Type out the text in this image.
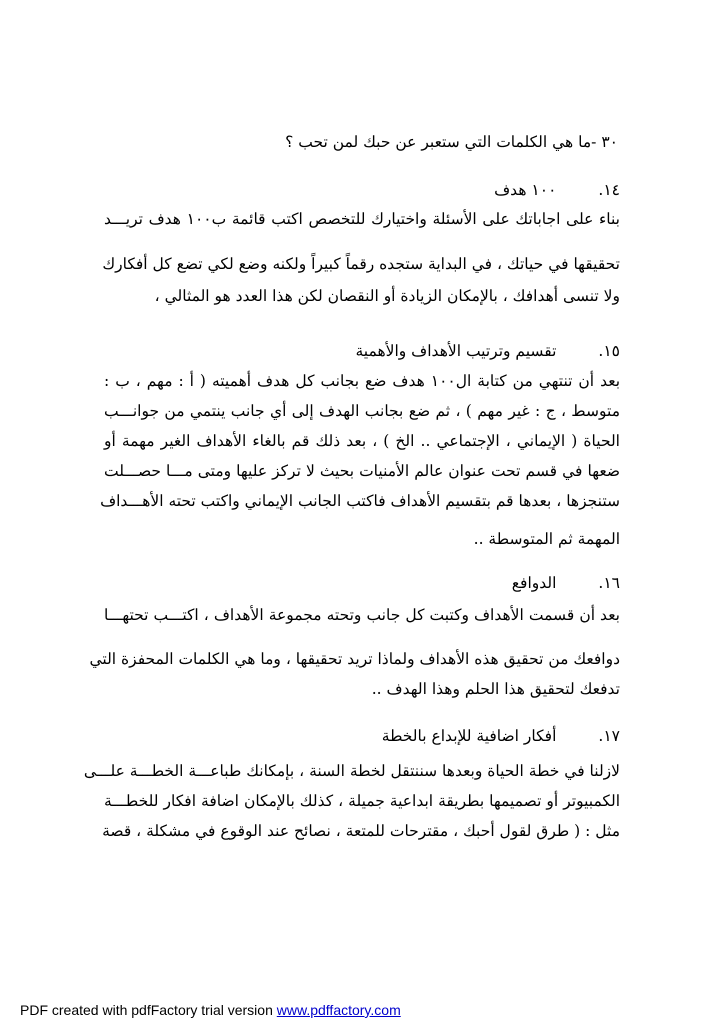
٣٠ -ما هي الكلمات التي ستعبر عن حبك لمن تحب ؟
١٤.١٠٠ هدف
بناء على اجاباتك على الأسئلة واختيارك للتخصص اكتب قائمة ب١٠٠ هدف تريـــد
تحقيقها في حياتك ، في البداية ستجده رقماً كبيراً ولكنه وضع لكي تضع كل أفكارك
ولا تنسى أهدافك ، بالإمكان الزيادة أو النقصان لكن هذا العدد هو المثالي ،
١٥.تقسيم وترتيب الأهداف والأهمية
بعد أن تنتهي من كتابة ال١٠٠ هدف ضع بجانب كل هدف أهميته ( أ : مهم ، ب :
متوسط ، ج : غير مهم ) ، ثم ضع بجانب الهدف إلى أي جانب ينتمي من جوانـــب
الحياة ( الإيماني ، الإجتماعي .. الخ ) ، بعد ذلك قم بالغاء الأهداف الغير مهمة أو
ضعها في قسم تحت عنوان عالم الأمنيات بحيث لا تركز عليها ومتى مـــا حصـــلت
ستنجزها ، بعدها قم بتقسيم الأهداف فاكتب الجانب الإيماني واكتب تحته الأهـــداف
المهمة ثم المتوسطة ..
١٦.الدوافع
بعد أن قسمت الأهداف وكتبت كل جانب وتحته مجموعة الأهداف ، اكتـــب تحتهـــا
دوافعك من تحقيق هذه الأهداف ولماذا تريد تحقيقها ، وما هي الكلمات المحفزة التي
تدفعك لتحقيق هذا الحلم وهذا الهدف ..
١٧.أفكار اضافية للإبداع بالخطة
لازلنا في خطة الحياة وبعدها سننتقل لخطة السنة ، بإمكانك طباعـــة الخطـــة علـــى
الكمبيوتر أو تصميمها بطريقة ابداعية جميلة ، كذلك بالإمكان اضافة افكار للخطـــة
مثل : ( طرق لقول أحبك ، مقترحات للمتعة ، نصائح عند الوقوع في مشكلة ، قصة
PDF created with pdfFactory trial version www.pdffactory.com
